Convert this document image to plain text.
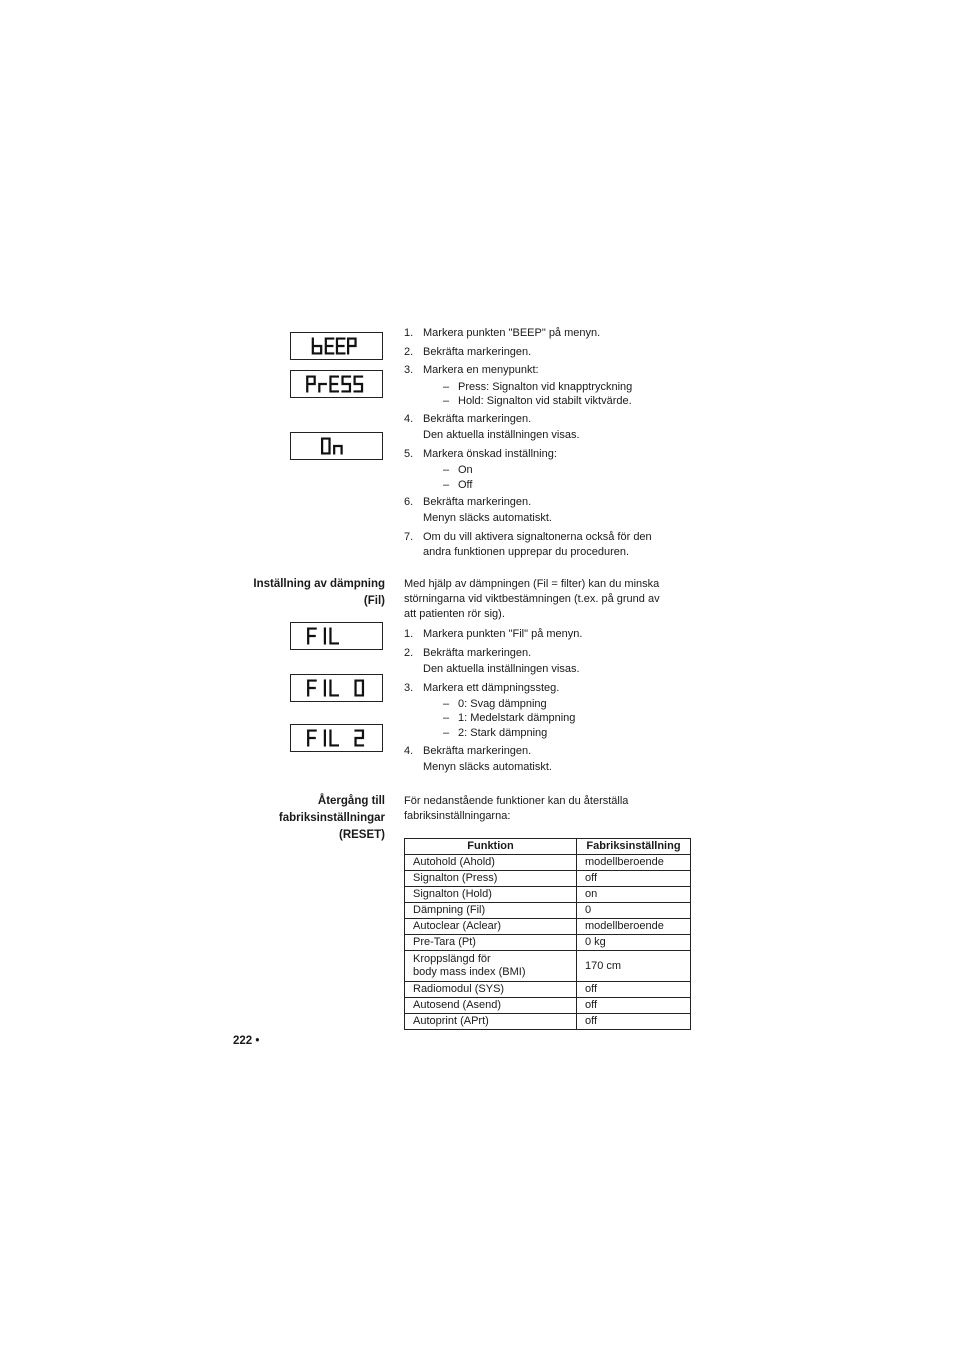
1. Markera punkten "BEEP" på menyn.
2. Bekräfta markeringen.
3. Markera en menypunkt:
– Press: Signalton vid knapptryckning
– Hold: Signalton vid stabilt viktvärde.
4. Bekräfta markeringen.
Den aktuella inställningen visas.
5. Markera önskad inställning:
– On
– Off
6. Bekräfta markeringen.
Menyn släcks automatiskt.
7. Om du vill aktivera signaltonerna också för den
andra funktionen upprepar du proceduren.
Inställning av dämpning
(Fil)
Med hjälp av dämpningen (Fil = filter) kan du minska
störningarna vid viktbestämningen (t.ex. på grund av
att patienten rör sig).
1. Markera punkten "Fil" på menyn.
2. Bekräfta markeringen.
Den aktuella inställningen visas.
3. Markera ett dämpningssteg.
– 0: Svag dämpning
– 1: Medelstark dämpning
– 2: Stark dämpning
4. Bekräfta markeringen.
Menyn släcks automatiskt.
Återgång till
fabriksinställningar
(RESET)
För nedanstående funktioner kan du återställa
fabriksinställningarna:
Funktion	Fabriksinställning
Autohold (Ahold)	modellberoende
Signalton (Press)	off
Signalton (Hold)	on
Dämpning (Fil)	0
Autoclear (Aclear)	modellberoende
Pre-Tara (Pt)	0 kg

Kroppslängd för
body mass index (BMI)	170 cm
Radiomodul (SYS)	off
Autosend (Asend)	off
Autoprint (APrt)	off
222 •
